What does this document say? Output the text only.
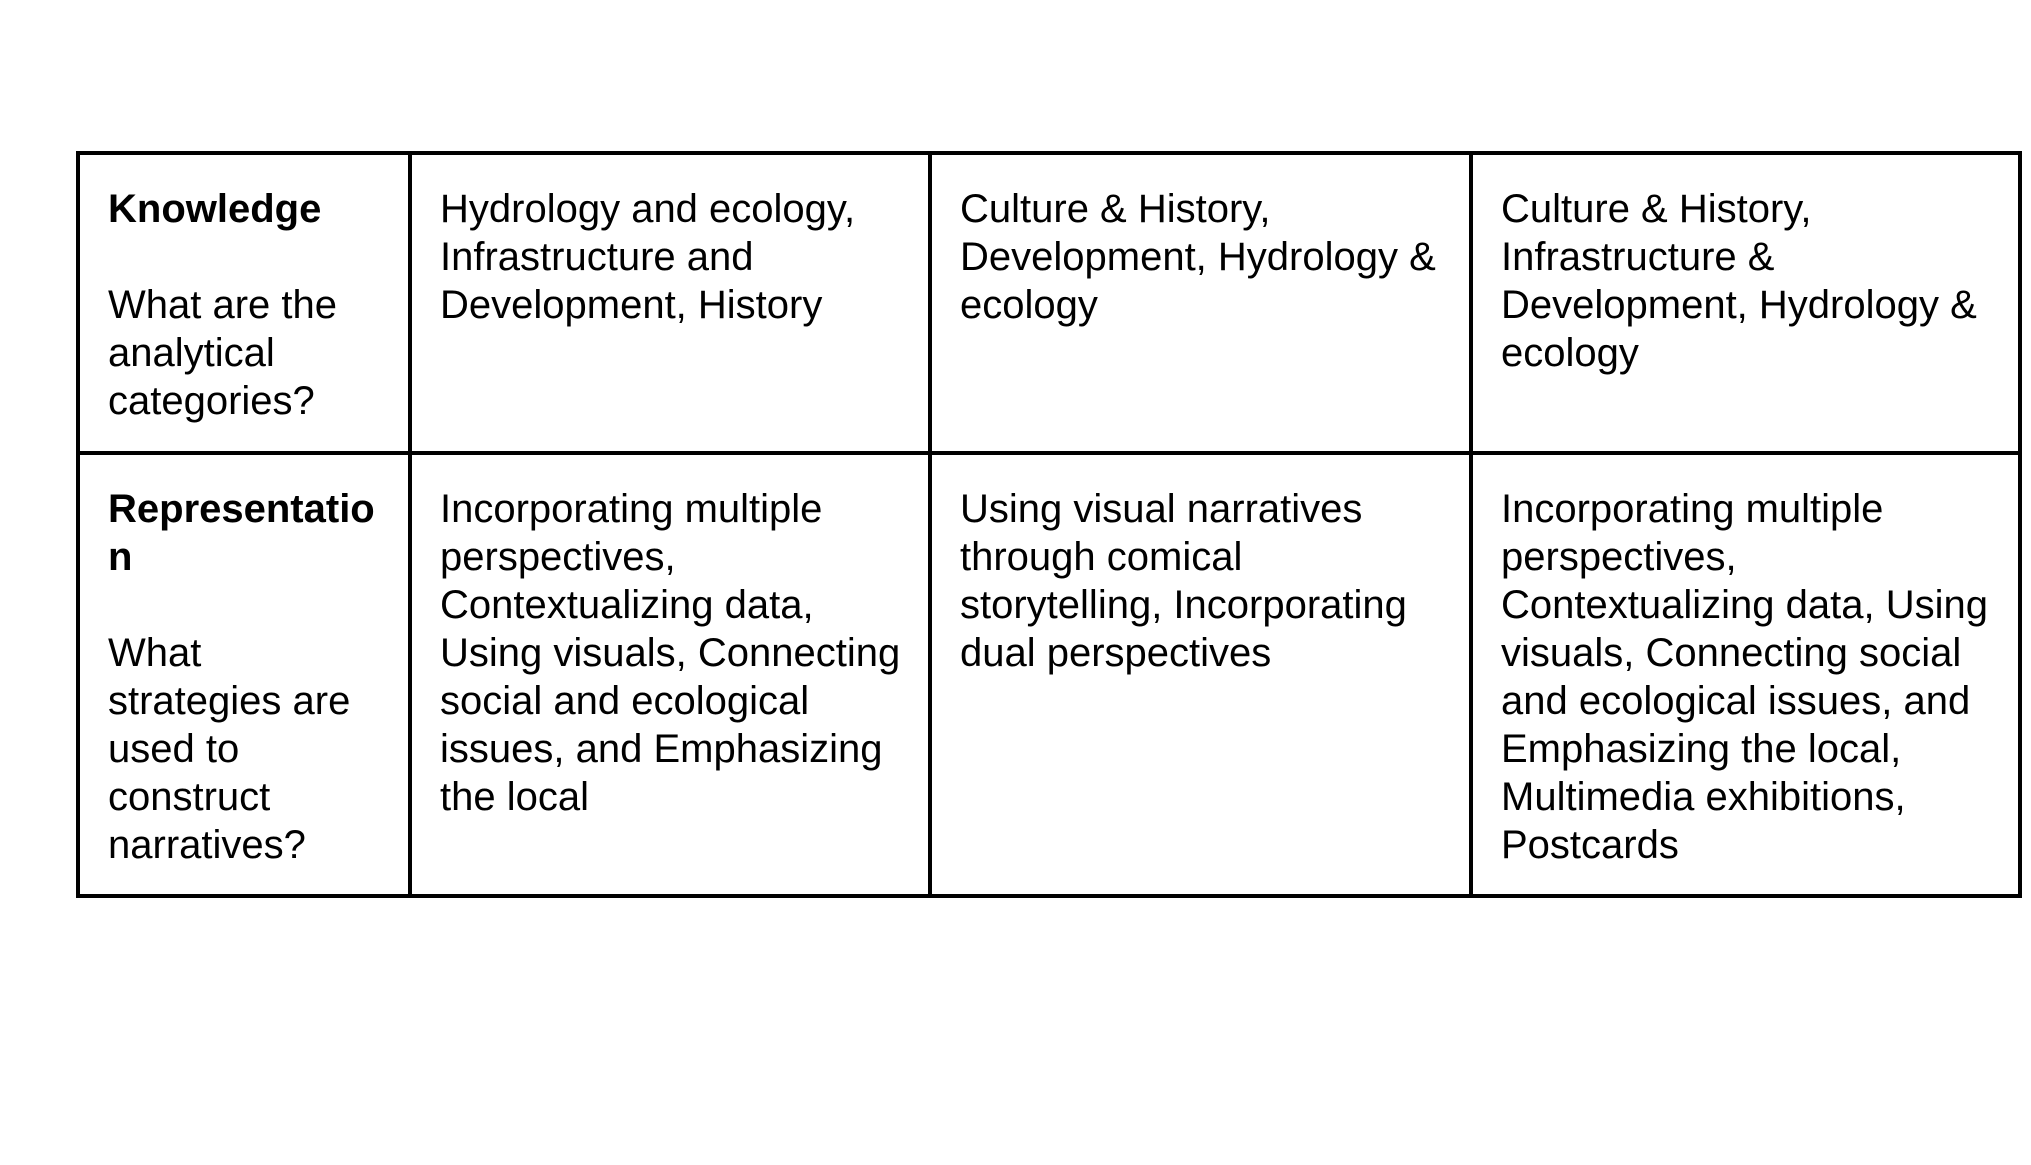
Knowledge
What are the analytical categories?	Hydrology and ecology, Infrastructure and Development, History	Culture & History, Development, Hydrology & ecology	Culture & History, Infrastructure & Development, Hydrology & ecology

Representation
What strategies are used to construct narratives?	Incorporating multiple perspectives, Contextualizing data, Using visuals, Connecting social and ecological issues, and Emphasizing the local	Using visual narratives through comical storytelling, Incorporating dual perspectives	Incorporating multiple perspectives, Contextualizing data, Using visuals, Connecting social and ecological issues, and Emphasizing the local, Multimedia exhibitions, Postcards
